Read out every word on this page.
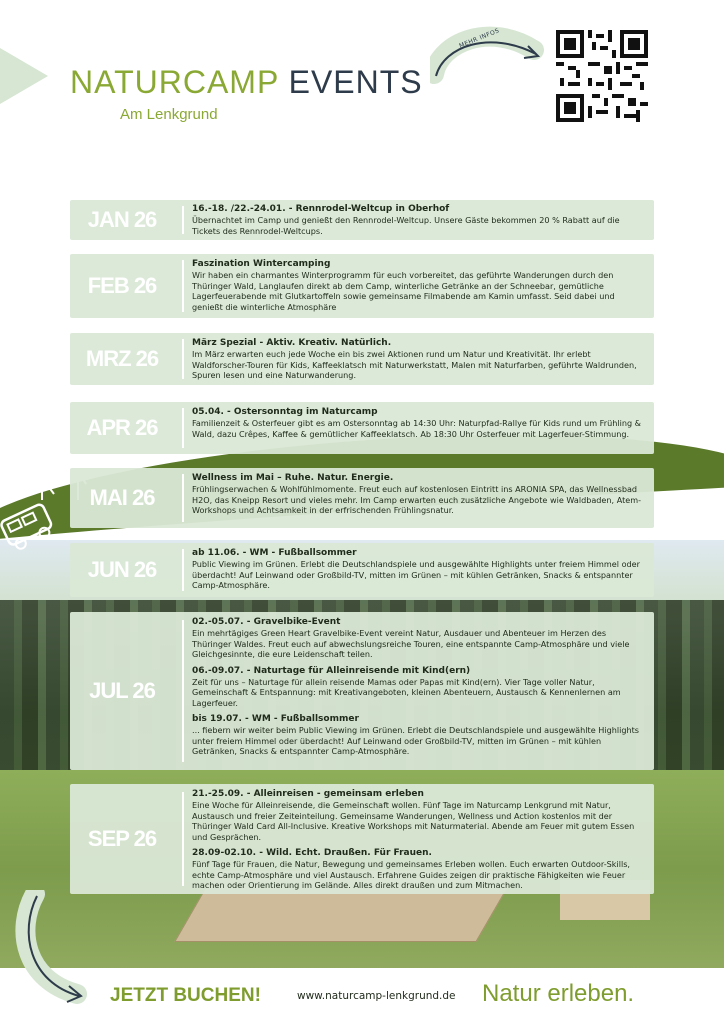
NATURCAMP EVENTS
Am Lenkgrund
MEHR INFOS
JAN 26	16.-18. /22.-24.01. - Rennrodel-Weltcup in Oberhof
Übernachtet im Camp und genießt den Rennrodel-Weltcup. Unsere Gäste bekommen 20 % Rabatt auf die Tickets des Rennrodel-Weltcups.
FEB 26
Faszination Wintercamping
Wir haben ein charmantes Winterprogramm für euch vorbereitet, das geführte Wanderungen durch den Thüringer Wald, Langlaufen direkt ab dem Camp, winterliche Getränke an der Schneebar, gemütliche Lagerfeuerabende mit Glutkartoffeln sowie gemeinsame Filmabende am Kamin umfasst. Seid dabei und genießt die winterliche Atmosphäre
MRZ 26
März Spezial - Aktiv. Kreativ. Natürlich.
Im März erwarten euch jede Woche ein bis zwei Aktionen rund um Natur und Kreativität. Ihr erlebt Waldforscher-Touren für Kids, Kaffeeklatsch mit Naturwerkstatt, Malen mit Naturfarben, geführte Waldrunden, Spuren lesen und eine Naturwanderung.
APR 26
05.04. - Ostersonntag im Naturcamp
Familienzeit & Osterfeuer gibt es am Ostersonntag ab 14:30 Uhr: Naturpfad-Rallye für Kids rund um Frühling & Wald, dazu Crêpes, Kaffee & gemütlicher Kaffeeklatsch. Ab 18:30 Uhr Osterfeuer mit Lagerfeuer-Stimmung.
MAI 26
Wellness im Mai – Ruhe. Natur. Energie.
Frühlingserwachen & Wohlfühlmomente. Freut euch auf kostenlosen Eintritt ins ARONIA SPA, das Wellnessbad H2O, das Kneipp Resort und vieles mehr. Im Camp erwarten euch zusätzliche Angebote wie Waldbaden, Atem-Workshops und Achtsamkeit in der erfrischenden Frühlingsnatur.
JUN 26
ab 11.06. - WM - Fußballsommer
Public Viewing im Grünen. Erlebt die Deutschlandspiele und ausgewählte Highlights unter freiem Himmel oder überdacht! Auf Leinwand oder Großbild-TV, mitten im Grünen – mit kühlen Getränken, Snacks & entspannter Camp-Atmosphäre.
JUL 26
02.-05.07. - Gravelbike-Event
Ein mehrtägiges Green Heart Gravelbike-Event vereint Natur, Ausdauer und Abenteuer im Herzen des Thüringer Waldes. Freut euch auf abwechslungsreiche Touren, eine entspannte Camp-Atmosphäre und viele Gleichgesinnte, die eure Leidenschaft teilen.
06.-09.07. - Naturtage für Alleinreisende mit Kind(ern)
Zeit für uns – Naturtage für allein reisende Mamas oder Papas mit Kind(ern). Vier Tage voller Natur, Gemeinschaft & Entspannung: mit Kreativangeboten, kleinen Abenteuern, Austausch & Kennenlernen am Lagerfeuer.
bis 19.07. - WM - Fußballsommer
... fiebern wir weiter beim Public Viewing im Grünen. Erlebt die Deutschlandspiele und ausgewählte Highlights unter freiem Himmel oder überdacht! Auf Leinwand oder Großbild-TV, mitten im Grünen – mit kühlen Getränken, Snacks & entspannter Camp-Atmosphäre.
SEP 26
21.-25.09. - Alleinreisen - gemeinsam erleben
Eine Woche für Alleinreisende, die Gemeinschaft wollen. Fünf Tage im Naturcamp Lenkgrund mit Natur, Austausch und freier Zeiteinteilung. Gemeinsame Wanderungen, Wellness und Action kostenlos mit der Thüringer Wald Card All-Inclusive. Kreative Workshops mit Naturmaterial. Abende am Feuer mit gutem Essen und Gesprächen.
28.09-02.10. - Wild. Echt. Draußen. Für Frauen.
Fünf Tage für Frauen, die Natur, Bewegung und gemeinsames Erleben wollen. Euch erwarten Outdoor-Skills, echte Camp-Atmosphäre und viel Austausch. Erfahrene Guides zeigen dir praktische Fähigkeiten wie Feuer machen oder Orientierung im Gelände. Alles direkt draußen und zum Mitmachen.
JETZT BUCHEN!	www.naturcamp-lenkgrund.de Natur erleben.
